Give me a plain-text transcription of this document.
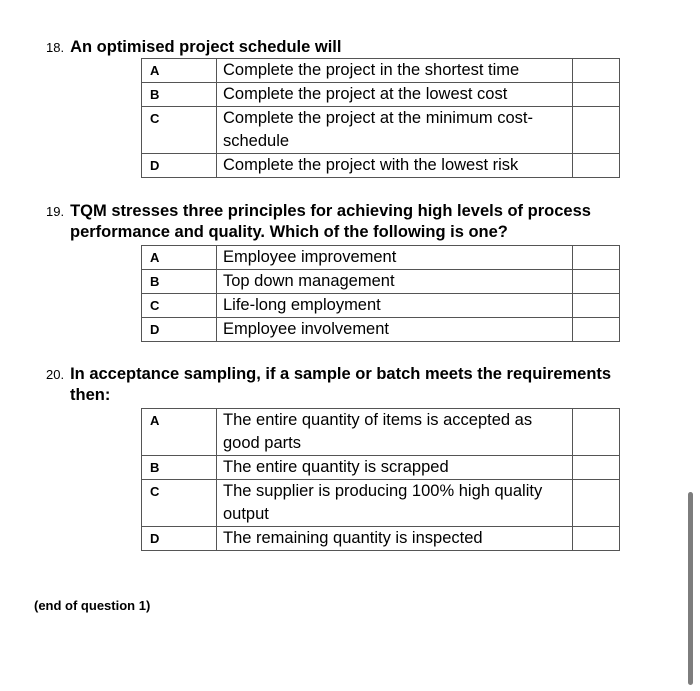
18. An optimised project schedule will
A	Complete the project in the shortest time	
B	Complete the project at the lowest cost	
C	Complete the project at the minimum cost-schedule	
D	Complete the project with the lowest risk	
19. TQM stresses three principles for achieving high levels of process
performance and quality. Which of the following is one?
A	Employee improvement	
B	Top down management	
C	Life-long employment	
D	Employee involvement	
20. In acceptance sampling, if a sample or batch meets the requirements
then:
A	The entire quantity of items is accepted as good parts	
B	The entire quantity is scrapped	
C	The supplier is producing 100% high quality output	
D	The remaining quantity is inspected	
(end of question 1)
